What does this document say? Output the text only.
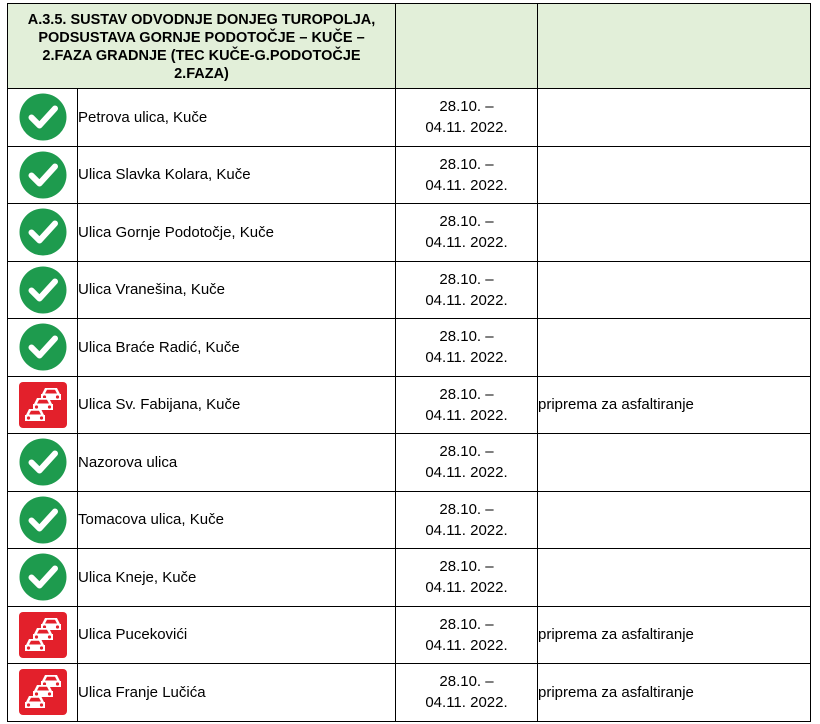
A.3.5. SUSTAV ODVODNJE DONJEG TUROPOLJA,
PODSUSTAVA GORNJE PODOTOČJE – KUČE –
2.FAZA GRADNJE (TEC KUČE-G.PODOTOČJE
2.FAZA)			

	Petrova ulica, Kuče	28.10. –
04.11. 2022.	

	Ulica Slavka Kolara, Kuče	28.10. –
04.11. 2022.	

	Ulica Gornje Podotočje, Kuče	28.10. –
04.11. 2022.	

	Ulica Vranešina, Kuče	28.10. –
04.11. 2022.	

	Ulica Braće Radić, Kuče	28.10. –
04.11. 2022.	

	Ulica Sv. Fabijana, Kuče	28.10. –
04.11. 2022.	priprema za asfaltiranje

	Nazorova ulica	28.10. –
04.11. 2022.	

	Tomacova ulica, Kuče	28.10. –
04.11. 2022.	

	Ulica Kneje, Kuče	28.10. –
04.11. 2022.	

	Ulica Pucekovići	28.10. –
04.11. 2022.	priprema za asfaltiranje

	Ulica Franje Lučića	28.10. –
04.11. 2022.	priprema za asfaltiranje
